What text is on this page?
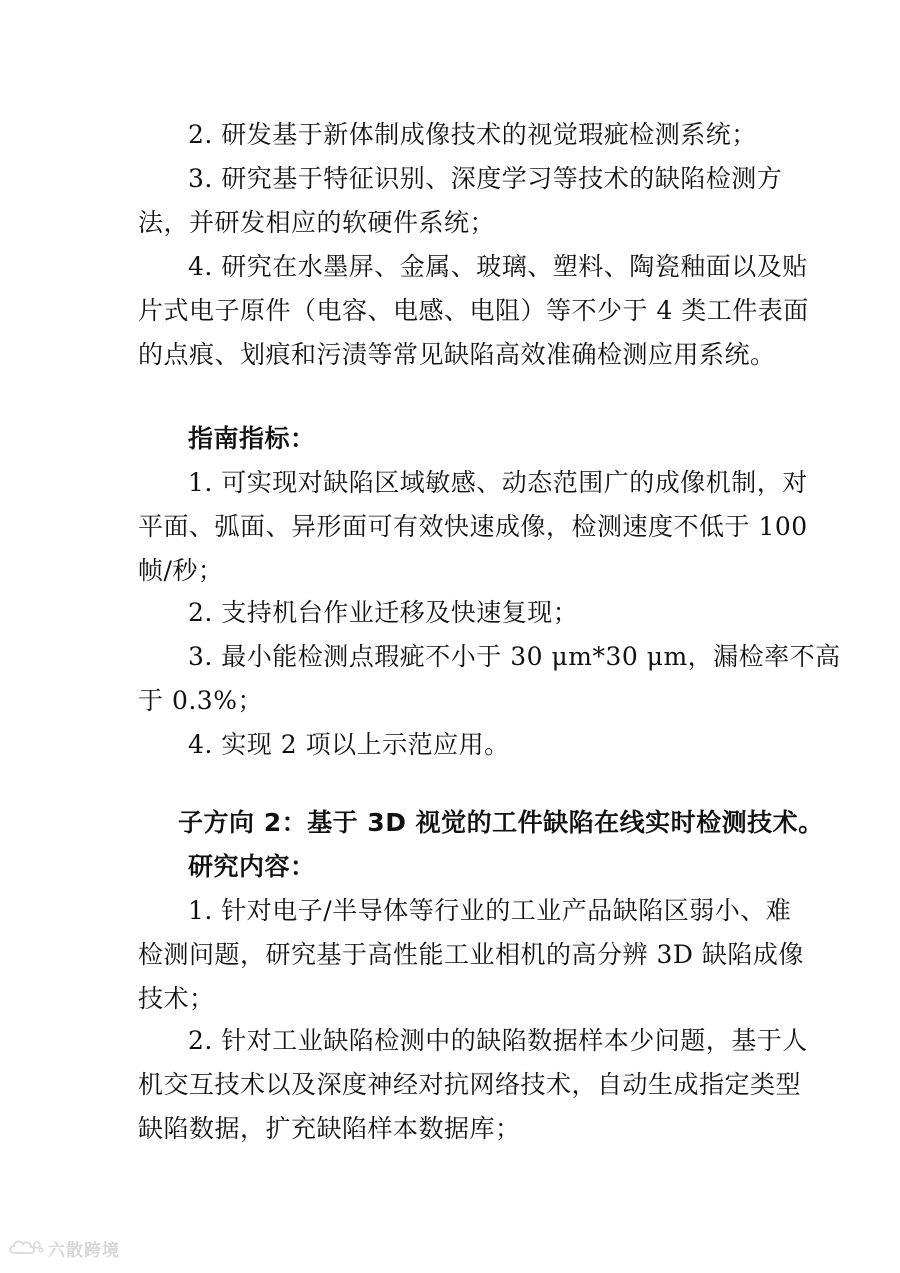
2. 研发基于新体制成像技术的视觉瑕疵检测系统；
3. 研究基于特征识别、深度学习等技术的缺陷检测方
法，并研发相应的软硬件系统；
4. 研究在水墨屏、金属、玻璃、塑料、陶瓷釉面以及贴
片式电子原件（电容、电感、电阻）等不少于 4 类工件表面
的点痕、划痕和污渍等常见缺陷高效准确检测应用系统。
指南指标：
1. 可实现对缺陷区域敏感、动态范围广的成像机制，对
平面、弧面、异形面可有效快速成像，检测速度不低于 100
帧/秒；
2. 支持机台作业迁移及快速复现；
3. 最小能检测点瑕疵不小于 30 μm*30 μm，漏检率不高
于 0.3%；
4. 实现 2 项以上示范应用。
子方向 2：基于 3D 视觉的工件缺陷在线实时检测技术。
研究内容：
1. 针对电子/半导体等行业的工业产品缺陷区弱小、难
检测问题，研究基于高性能工业相机的高分辨 3D 缺陷成像
技术；
2. 针对工业缺陷检测中的缺陷数据样本少问题，基于人
机交互技术以及深度神经对抗网络技术，自动生成指定类型
缺陷数据，扩充缺陷样本数据库；
六散跨境
